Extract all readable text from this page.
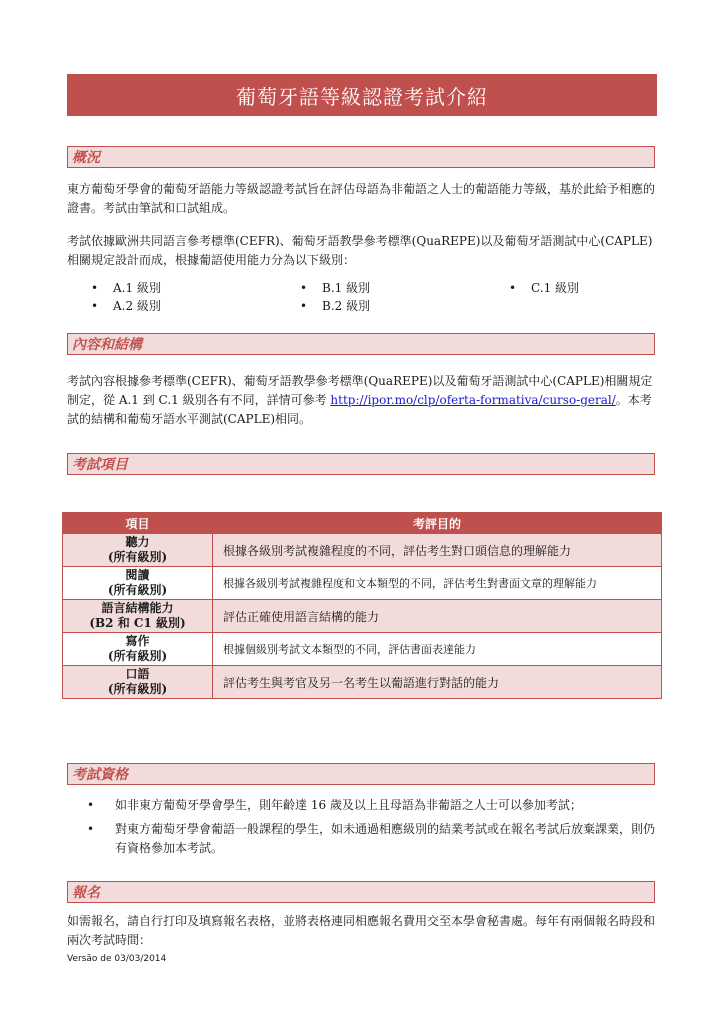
葡萄牙語等級認證考試介紹
概況

東方葡萄牙學會的葡萄牙語能力等級認證考試旨在評估母語為非葡語之人士的葡語能力等級，基於此給予相應的證書。考試由筆試和口試組成。

考試依據歐洲共同語言參考標準(CEFR)、葡萄牙語教學參考標準(QuaREPE)以及葡萄牙語測試中心(CAPLE)相關規定設計而成，根據葡語使用能力分為以下級別：

A.1 級別
A.2 級別
B.1 級別
B.2 級別
C.1 級別
內容和結構

考試內容根據參考標準(CEFR)、葡萄牙語教學參考標準(QuaREPE)以及葡萄牙語測試中心(CAPLE)相關規定制定，從 A.1 到 C.1 級別各有不同，詳情可參考 http://ipor.mo/clp/oferta-formativa/curso-geral/。本考試的結構和葡萄牙語水平測試(CAPLE)相同。

考試項目
項目	考評目的

聽力
(所有級別)	根據各級別考試複雜程度的不同，評估考生對口頭信息的理解能力

閱讀
(所有級別)	根據各級別考試複雜程度和文本類型的不同，評估考生對書面文章的理解能力

語言結構能力
(B2 和 C1 級別)	評估正確使用語言結構的能力

寫作
(所有級別)	根據個級別考試文本類型的不同，評估書面表達能力

口語
(所有級別)	評估考生與考官及另一名考生以葡語進行對話的能力
考試資格
• 如非東方葡萄牙學會學生，則年齡達 16 歲及以上且母語為非葡語之人士可以參加考試；
• 對東方葡萄牙學會葡語一般課程的學生，如未通過相應級別的結業考試或在報名考試后放棄課業，則仍有資格參加本考試。
報名

如需報名，請自行打印及填寫報名表格，並將表格連同相應報名費用交至本學會秘書處。每年有兩個報名時段和兩次考試時間：

Versão de 03/03/2014
